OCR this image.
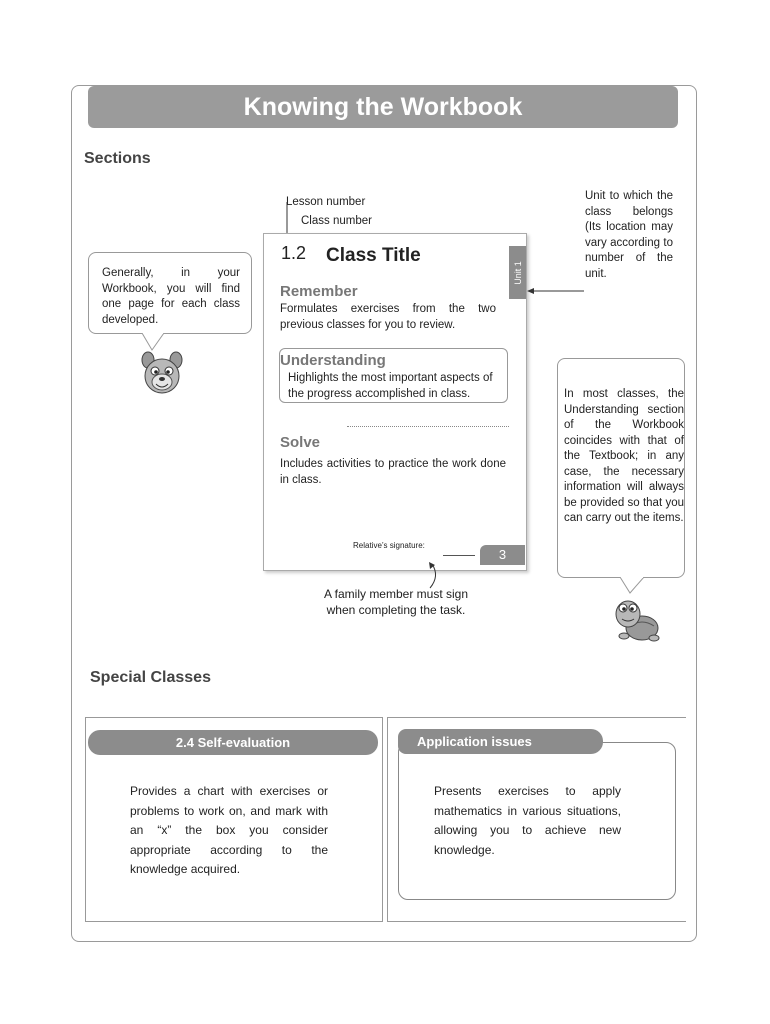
Knowing the Workbook
Sections
Generally, in your Workbook, you will find one page for each class developed.
Lesson number
Class number
1.2 Class Title
Unit 1
Remember
Formulates exercises from the two previous classes for you to review.
Understanding
Highlights the most important aspects of the progress accomplished in class.
Solve
Includes activities to practice the work done in class.
Relative’s signature:
3
Unit to which the class belongs (Its location may vary according to number of the unit.
A family member must sign when completing the task.
In most classes, the Understanding section of the Workbook coincides with that of the Textbook; in any case, the necessary information will always be provided so that you can carry out the items.
Special Classes
2.4 Self-evaluation
Provides a chart with exercises or problems to work on, and mark with an “x” the box you consider appropriate according to the knowledge acquired.
Application issues
Presents exercises to apply mathematics in various situations, allowing you to achieve new knowledge.
